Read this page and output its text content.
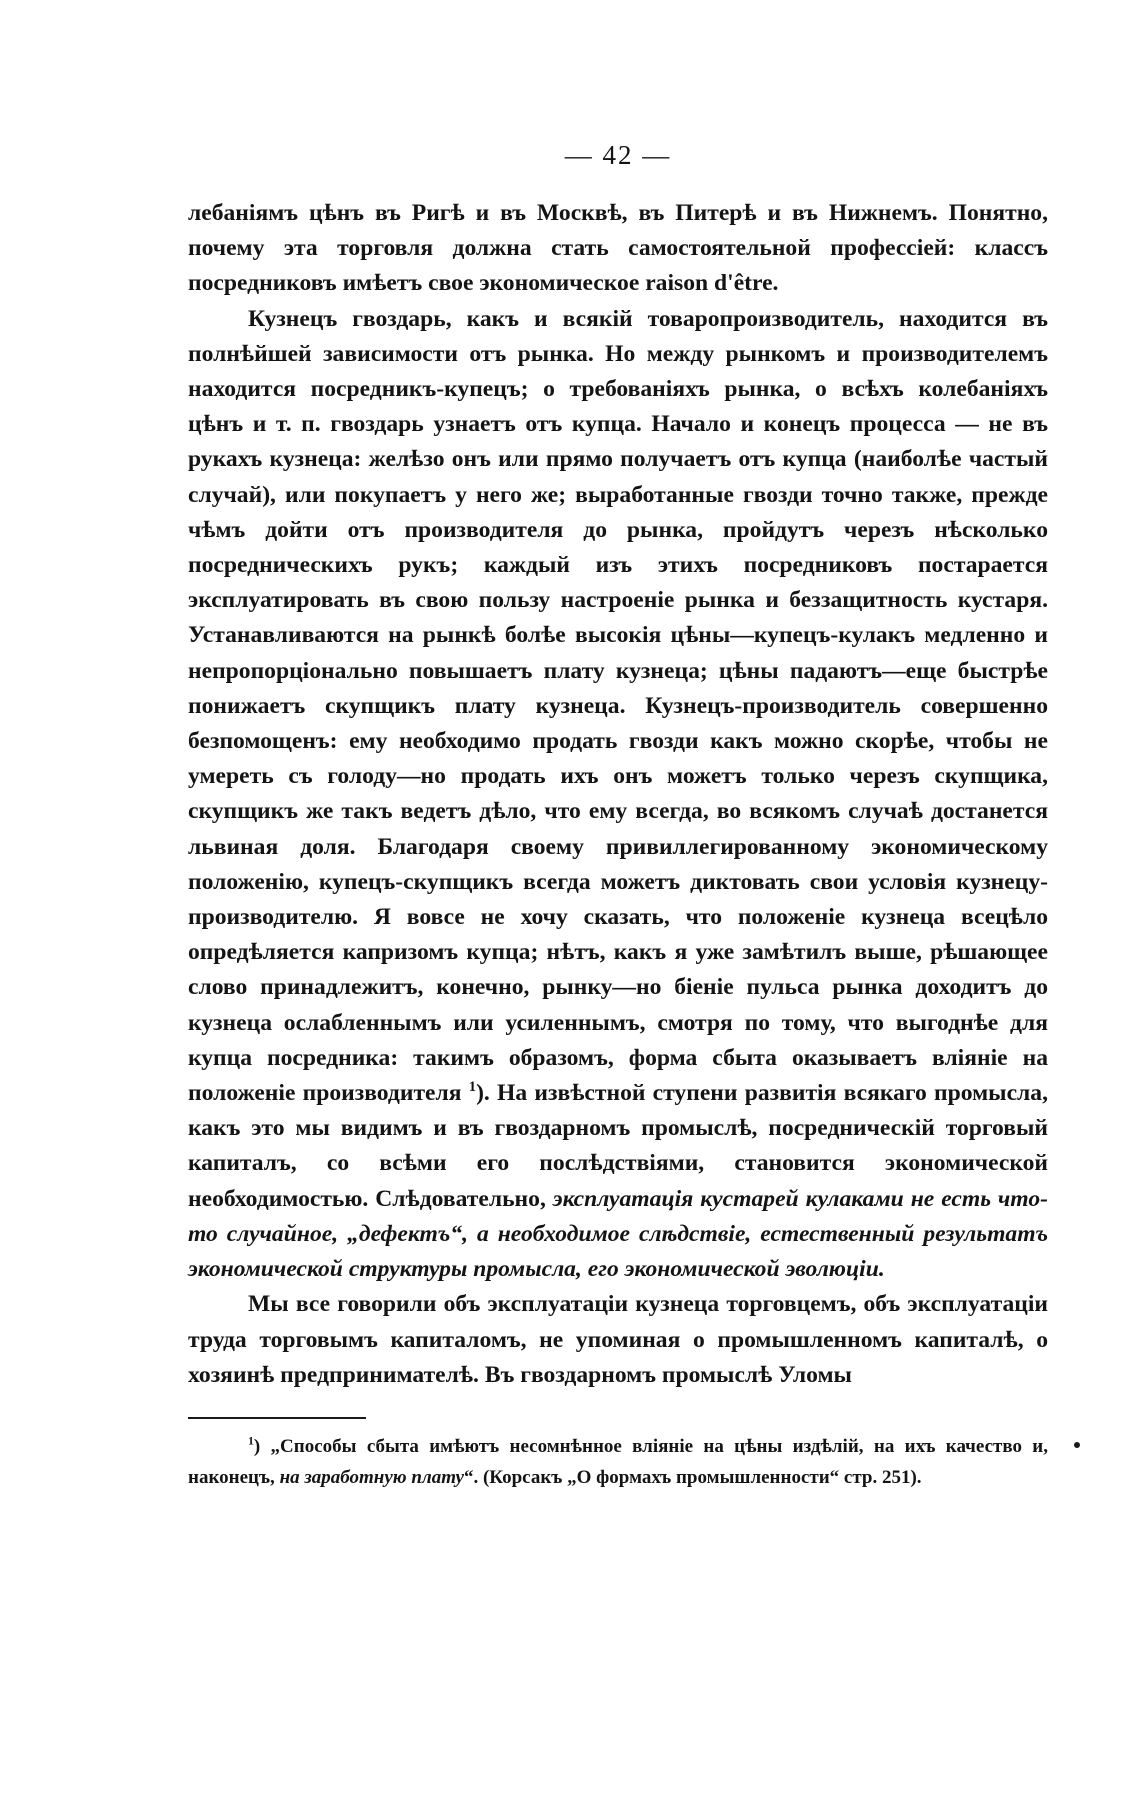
— 42 —

лебаніямъ цѣнъ въ Ригѣ и въ Москвѣ, въ Питерѣ и въ Нижнемъ. Понятно, почему эта торговля должна стать самостоятельной профессіей: классъ посредниковъ имѣетъ свое экономическое raison d'être.

Кузнецъ гвоздарь, какъ и всякій товаропроизводитель, находится въ полнѣйшей зависимости отъ рынка. Но между рынкомъ и производителемъ находится посредникъ-купецъ; о требованіяхъ рынка, о всѣхъ колебаніяхъ цѣнъ и т. п. гвоздарь узнаетъ отъ купца. Начало и конецъ процесса — не въ рукахъ кузнеца: желѣзо онъ или прямо получаетъ отъ купца (наиболѣе частый случай), или покупаетъ у него же; выработанные гвозди точно также, прежде чѣмъ дойти отъ производителя до рынка, пройдутъ черезъ нѣсколько посредническихъ рукъ; каждый изъ этихъ посредниковъ постарается эксплуатировать въ свою пользу настроеніе рынка и беззащитность кустаря. Устанавливаются на рынкѣ болѣе высокія цѣны—купецъ-кулакъ медленно и непропорціонально повышаетъ плату кузнеца; цѣны падаютъ—еще быстрѣе понижаетъ скупщикъ плату кузнеца. Кузнецъ-производитель совершенно безпомощенъ: ему необходимо продать гвозди какъ можно скорѣе, чтобы не умереть съ голоду—но продать ихъ онъ можетъ только черезъ скупщика, скупщикъ же такъ ведетъ дѣло, что ему всегда, во всякомъ случаѣ достанется львиная доля. Благодаря своему привиллегированному экономическому положенію, купецъ-скупщикъ всегда можетъ диктовать свои условія кузнецу-производителю. Я вовсе не хочу сказать, что положеніе кузнеца всецѣло опредѣляется капризомъ купца; нѣтъ, какъ я уже замѣтилъ выше, рѣшающее слово принадлежитъ, конечно, рынку—но біеніе пульса рынка доходитъ до кузнеца ослабленнымъ или усиленнымъ, смотря по тому, что выгоднѣе для купца посредника: такимъ образомъ, форма сбыта оказываетъ вліяніе на положеніе производителя $^1$). На извѣстной ступени развитія всякаго промысла, какъ это мы видимъ и въ гвоздарномъ промыслѣ, посредническій торговый капиталъ, со всѣми его послѣдствіями, становится экономической необходимостью. Слѣдовательно, эксплуатація кустарей кулаками не есть что-то случайное, „дефектъ“, а необходимое слѣдствіе, естественный результатъ экономической структуры промысла, его экономической эволюціи.

Мы все говорили объ эксплуатаціи кузнеца торговцемъ, объ эксплуатаціи труда торговымъ капиталомъ, не упоминая о промышленномъ капиталѣ, о хозяинѣ предпринимателѣ. Въ гвоздарномъ промыслѣ Уломы

$^1$) „Способы сбыта имѣютъ несомнѣнное вліяніе на цѣны издѣлій, на ихъ качество и, наконецъ, на заработную плату“. (Корсакъ „О формахъ промышленности“ стр. 251).
